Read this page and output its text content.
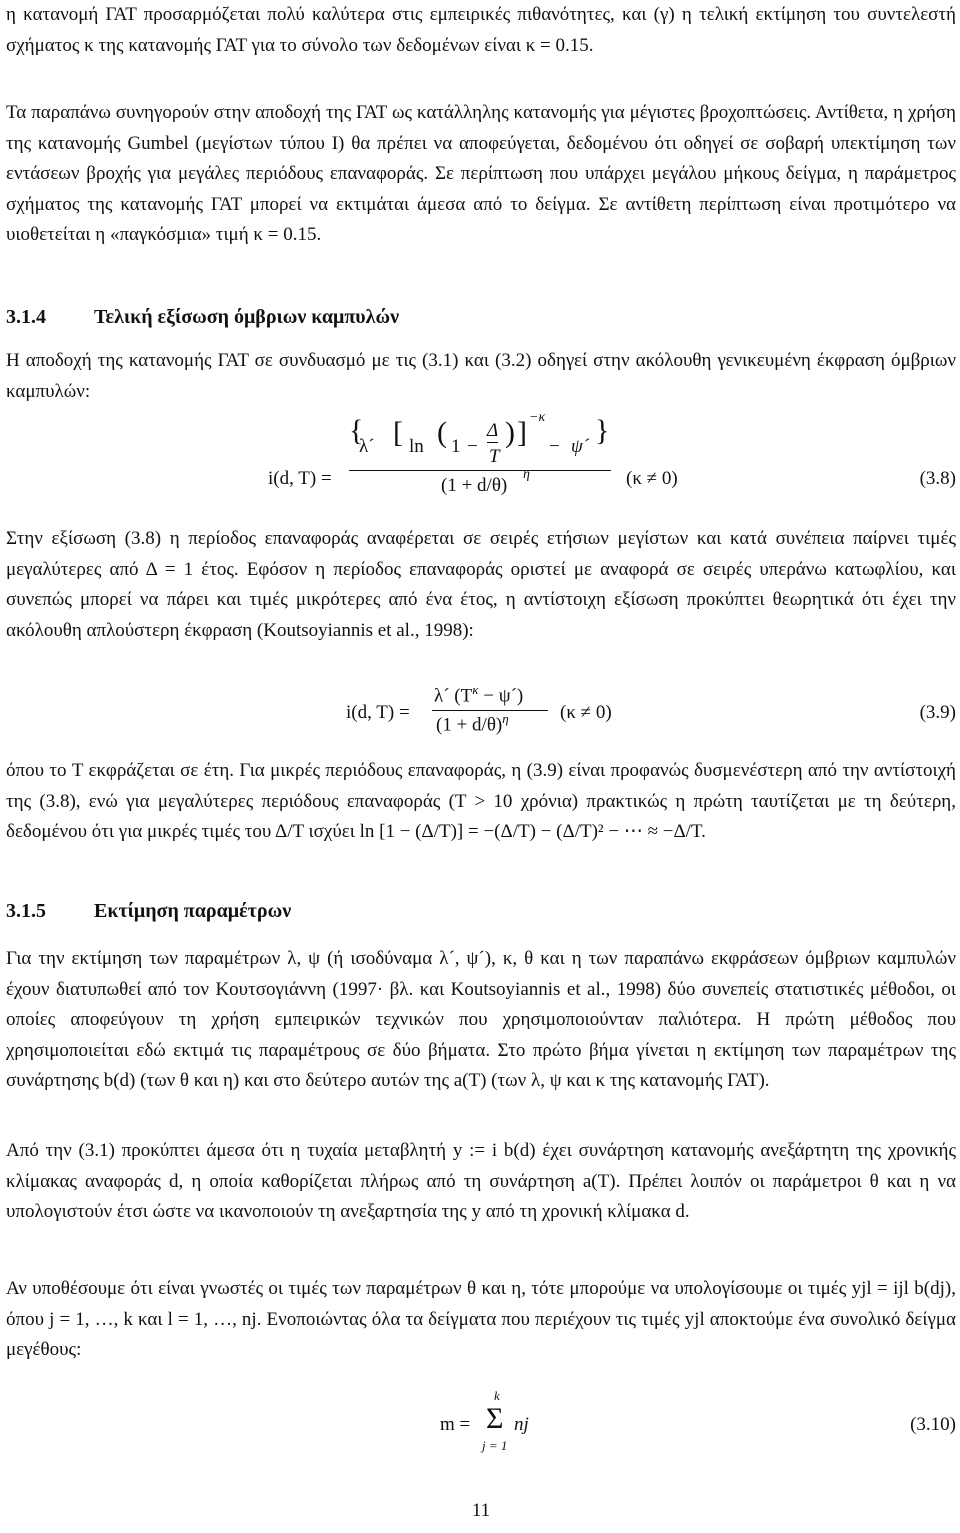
η κατανομή ΓΑΤ προσαρμόζεται πολύ καλύτερα στις εμπειρικές πιθανότητες, και (γ) η τελική εκτίμηση του συντελεστή σχήματος κ της κατανομής ΓΑΤ για το σύνολο των δεδομένων είναι κ = 0.15.

Τα παραπάνω συνηγορούν στην αποδοχή της ΓΑΤ ως κατάλληλης κατανομής για μέγιστες βροχοπτώσεις. Αντίθετα, η χρήση της κατανομής Gumbel (μεγίστων τύπου Ι) θα πρέπει να αποφεύγεται, δεδομένου ότι οδηγεί σε σοβαρή υπεκτίμηση των εντάσεων βροχής για μεγάλες περιόδους επαναφοράς. Σε περίπτωση που υπάρχει μεγάλου μήκους δείγμα, η παράμετρος σχήματος της κατανομής ΓΑΤ μπορεί να εκτιμάται άμεσα από το δείγμα. Σε αντίθετη περίπτωση είναι προτιμότερο να υιοθετείται η «παγκόσμια» τιμή κ = 0.15.

3.1.4 Τελική εξίσωση όμβριων καμπυλών

Η αποδοχή της κατανομής ΓΑΤ σε συνδυασμό με τις (3.1) και (3.2) οδηγεί στην ακόλουθη γενικευμένη έκφραση όμβριων καμπυλών:

i(d, T) =
{
λ´ [ ln ( 1 −
Δ
T
) ] −κ
− ψ´ }
(1 + d/θ)
η	(κ ≠ 0)	(3.8)

Στην εξίσωση (3.8) η περίοδος επαναφοράς αναφέρεται σε σειρές ετήσιων μεγίστων και κατά συνέπεια παίρνει τιμές μεγαλύτερες από Δ = 1 έτος. Εφόσον η περίοδος επαναφοράς οριστεί με αναφορά σε σειρές υπεράνω κατωφλίου, και συνεπώς μπορεί να πάρει και τιμές μικρότερες από ένα έτος, η αντίστοιχη εξίσωση προκύπτει θεωρητικά ότι έχει την ακόλουθη απλούστερη έκφραση (Koutsoyiannis et al., 1998):

i(d, T) =
λ´ ($T^\kappa$ − ψ´)
$(1 + d/\theta)^\eta$	(κ ≠ 0)	(3.9)

όπου το T εκφράζεται σε έτη. Για μικρές περιόδους επαναφοράς, η (3.9) είναι προφανώς δυσμενέστερη από την αντίστοιχή της (3.8), ενώ για μεγαλύτερες περιόδους επαναφοράς (T > 10 χρόνια) πρακτικώς η πρώτη ταυτίζεται με τη δεύτερη, δεδομένου ότι για μικρές τιμές του Δ/T ισχύει ln [1 − (Δ/T)] = −(Δ/T) − (Δ/T)² − ⋯ ≈ −Δ/T.

3.1.5 Εκτίμηση παραμέτρων

Για την εκτίμηση των παραμέτρων λ, ψ (ή ισοδύναμα λ´, ψ´), κ, θ και η των παραπάνω εκφράσεων όμβριων καμπυλών έχουν διατυπωθεί από τον Κουτσογιάννη (1997· βλ. και Koutsoyiannis et al., 1998) δύο συνεπείς στατιστικές μέθοδοι, οι οποίες αποφεύγουν τη χρήση εμπειρικών τεχνικών που χρησιμοποιούνταν παλιότερα. Η πρώτη μέθοδος που χρησιμοποιείται εδώ εκτιμά τις παραμέτρους σε δύο βήματα. Στο πρώτο βήμα γίνεται η εκτίμηση των παραμέτρων της συνάρτησης b(d) (των θ και η) και στο δεύτερο αυτών της a(T) (των λ, ψ και κ της κατανομής ΓΑΤ).

Από την (3.1) προκύπτει άμεσα ότι η τυχαία μεταβλητή y := i b(d) έχει συνάρτηση κατανομής ανεξάρτητη της χρονικής κλίμακας αναφοράς d, η οποία καθορίζεται πλήρως από τη συνάρτηση a(T). Πρέπει λοιπόν οι παράμετροι θ και η να υπολογιστούν έτσι ώστε να ικανοποιούν τη ανεξαρτησία της y από τη χρονική κλίμακα d.

Αν υποθέσουμε ότι είναι γνωστές οι τιμές των παραμέτρων θ και η, τότε μπορούμε να υπολογίσουμε οι τιμές yjl = ijl b(dj), όπου j = 1, …, k και l = 1, …, nj. Ενοποιώντας όλα τα δείγματα που περιέχουν τις τιμές yjl αποκτούμε ένα συνολικό δείγμα μεγέθους:

m =
k
Σ
j = 1
nj	(3.10)
11
